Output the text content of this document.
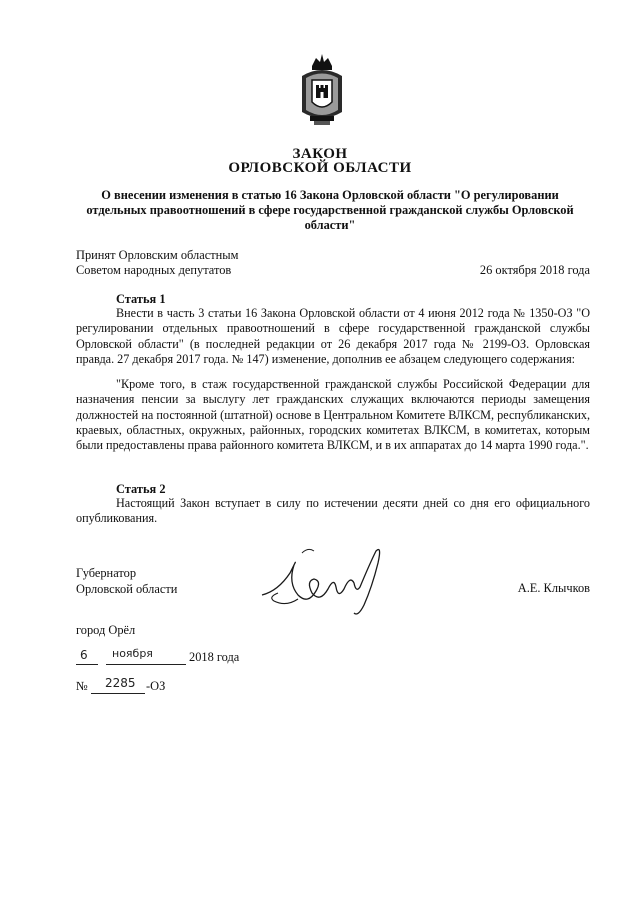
ЗАКОН
ОРЛОВСКОЙ ОБЛАСТИ
О внесении изменения в статью 16 Закона Орловской области "О регулировании отдельных правоотношений в сфере государственной гражданской службы Орловской области"
Принят Орловским областным
Советом народных депутатов	26 октября 2018 года
Статья 1
Внести в часть 3 статьи 16 Закона Орловской области от 4 июня 2012 года № 1350-ОЗ "О регулировании отдельных правоотношений в сфере государственной гражданской службы Орловской области" (в последней редакции от 26 декабря 2017 года № 2199-ОЗ. Орловская правда. 27 декабря 2017 года. № 147) изменение, дополнив ее абзацем следующего содержания:
"Кроме того, в стаж государственной гражданской службы Российской Федерации для назначения пенсии за выслугу лет гражданских служащих включаются периоды замещения должностей на постоянной (штатной) основе в Центральном Комитете ВЛКСМ, республиканских, краевых, областных, окружных, районных, городских комитетах ВЛКСМ, в комитетах, которым были предоставлены права районного комитета ВЛКСМ, и в их аппаратах до 14 марта 1990 года.".
Статья 2
Настоящий Закон вступает в силу по истечении десяти дней со дня его официального опубликования.
Губернатор
Орловской области	А.Е. Клычков
город Орёл
6 ноября	2018 года
№ 2285 -ОЗ
